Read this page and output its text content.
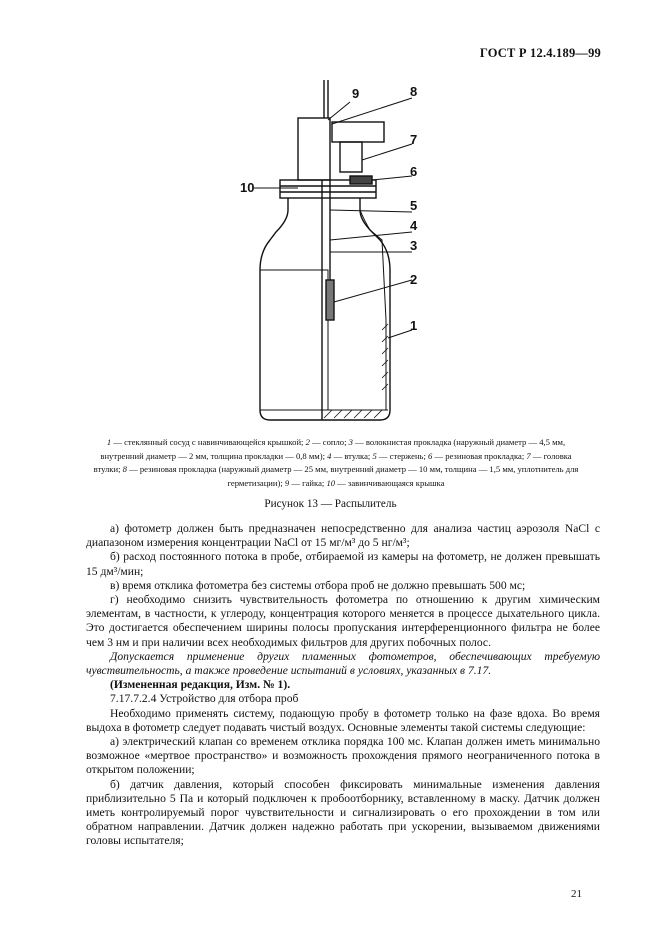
ГОСТ Р 12.4.189—99
9	8
7
6
5
4
3
2
1
10
1 — стеклянный сосуд с навинчивающейся крышкой; 2 — сопло; 3 — волокнистая прокладка (наружный диаметр — 4,5 мм, внутренний диаметр — 2 мм, толщина прокладки — 0,8 мм); 4 — втулка; 5 — стержень; 6 — резиновая прокладка; 7 — головка втулки; 8 — резиновая прокладка (наружный диаметр — 25 мм, внутренний диаметр — 10 мм, толщина — 1,5 мм, уплотнитель для герметизации); 9 — гайка; 10 — завинчивающаяся крышка
Рисунок 13 — Распылитель

а) фотометр должен быть предназначен непосредственно для анализа частиц аэрозоля NaCl с диапазоном измерения концентрации NaCl от 15 мг/м³ до 5 нг/м³;

б) расход постоянного потока в пробе, отбираемой из камеры на фотометр, не должен превышать 15 дм³/мин;

в) время отклика фотометра без системы отбора проб не должно превышать 500 мс;

г) необходимо снизить чувствительность фотометра по отношению к другим химическим элементам, в частности, к углероду, концентрация которого меняется в процессе дыхательного цикла. Это достигается обеспечением ширины полосы пропускания интерференционного фильтра не более чем 3 нм и при наличии всех необходимых фильтров для других побочных полос.

Допускается применение других пламенных фотометров, обеспечивающих требуемую чувствительность, а также проведение испытаний в условиях, указанных в 7.17.

(Измененная редакция, Изм. № 1).

7.17.7.2.4 Устройство для отбора проб

Необходимо применять систему, подающую пробу в фотометр только на фазе вдоха. Во время выдоха в фотометр следует подавать чистый воздух. Основные элементы такой системы следующие:

а) электрический клапан со временем отклика порядка 100 мс. Клапан должен иметь минимально возможное «мертвое пространство» и возможность прохождения прямого неограниченного потока в открытом положении;

б) датчик давления, который способен фиксировать минимальные изменения давления приблизительно 5 Па и который подключен к пробоотборнику, вставленному в маску. Датчик должен иметь контролируемый порог чувствительности и сигнализировать о его прохождении в том или обратном направлении. Датчик должен надежно работать при ускорении, вызываемом движениями головы испытателя;

21
